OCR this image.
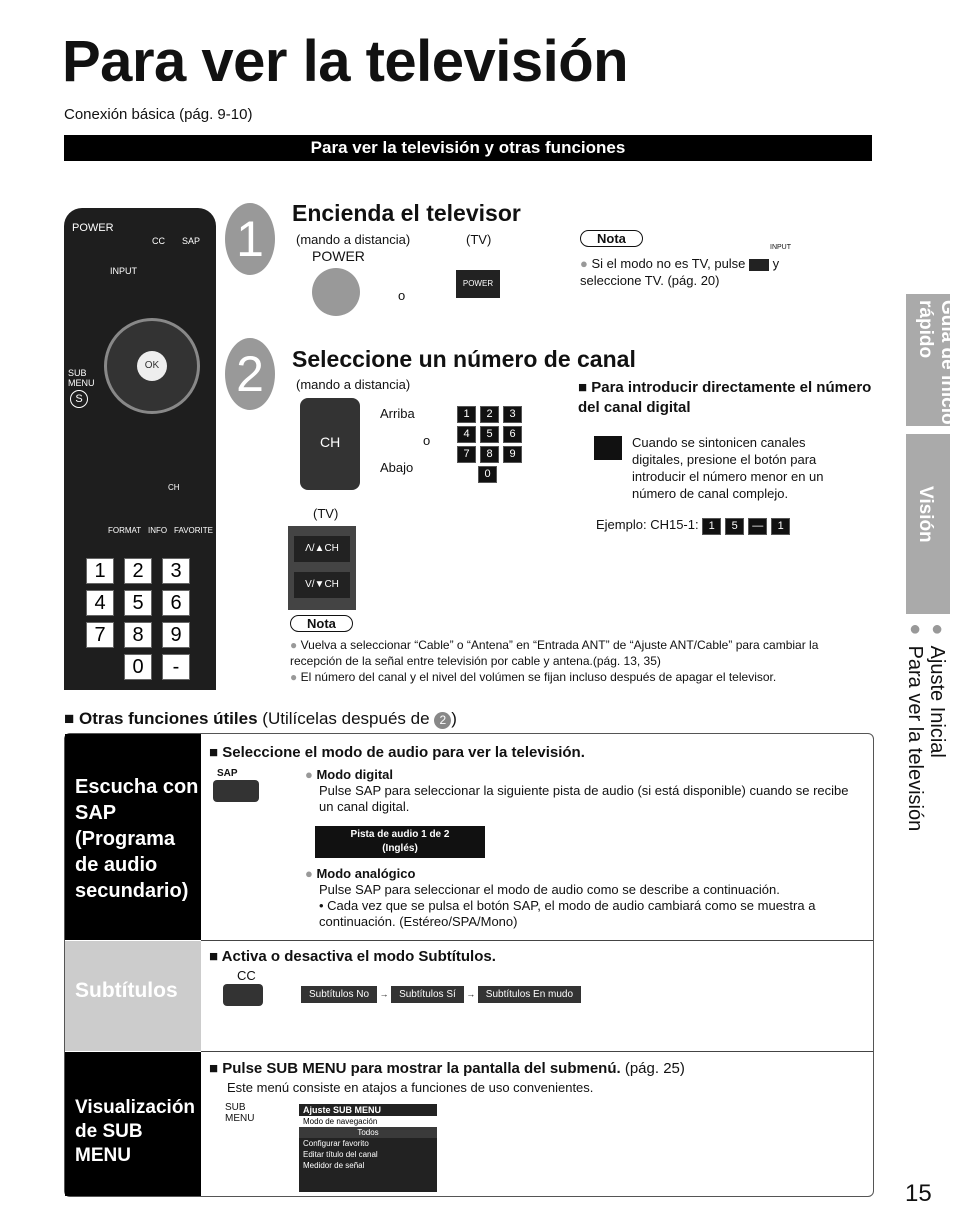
Para ver la televisión
Conexión básica (pág. 9-10)
Para ver la televisión y otras funciones
POWER
CC SAP
INPUT
OK
SUB MENU
S
CH
FORMAT INFO FAVORITE
1	2	3
4	5	6
7	8	9
0	-
1	Encienda el televisor
(mando a distancia)	(TV)
POWER
o
POWER
Nota
INPUT
● Si el modo no es TV, pulse y seleccione TV. (pág. 20)
2	Seleccione un número de canal
(mando a distancia)
CH
Arriba
Abajo
o
1 2 3
4 5 6
7 8 9
0
(TV)
Λ/▲CH
V/▼CH
■ Para introducir directamente el número del canal digital
Cuando se sintonicen canales digitales, presione el botón para introducir el número menor en un número de canal complejo.
Ejemplo: CH15-1: 1 5 — 1
Nota
● Vuelva a seleccionar “Cable” o “Antena” en “Entrada ANT” de “Ajuste ANT/Cable” para cambiar la recepción de la señal entre televisión por cable y antena.(pág. 13, 35)
● El número del canal y el nivel del volúmen se fijan incluso después de apagar el televisor.
■ Otras funciones útiles (Utilícelas después de 2 )
Escucha con SAP (Programa de audio secundario)
■ Seleccione el modo de audio para ver la televisión.
SAP	● Modo digital
Pulse SAP para seleccionar la siguiente pista de audio (si está disponible) cuando se recibe un canal digital.
Pista de audio 1 de 2
(Inglés)
● Modo analógico
Pulse SAP para seleccionar el modo de audio como se describe a continuación.
• Cada vez que se pulsa el botón SAP, el modo de audio cambiará como se muestra a continuación. (Estéreo/SPA/Mono)
Subtítulos
■ Activa o desactiva el modo Subtítulos.
CC
Subtítulos No → Subtítulos Sí → Subtítulos En mudo
Visualización de SUB MENU
■ Pulse SUB MENU para mostrar la pantalla del submenú. (pág. 25)
Este menú consiste en atajos a funciones de uso convenientes.
SUB MENU
Ajuste SUB MENU
Modo de navegación
Todos
Configurar favorito
Editar título del canal
Medidor de señal
Guía de inicio rápido
Visión
● Para ver la televisión
● Ajuste Inicial
15
